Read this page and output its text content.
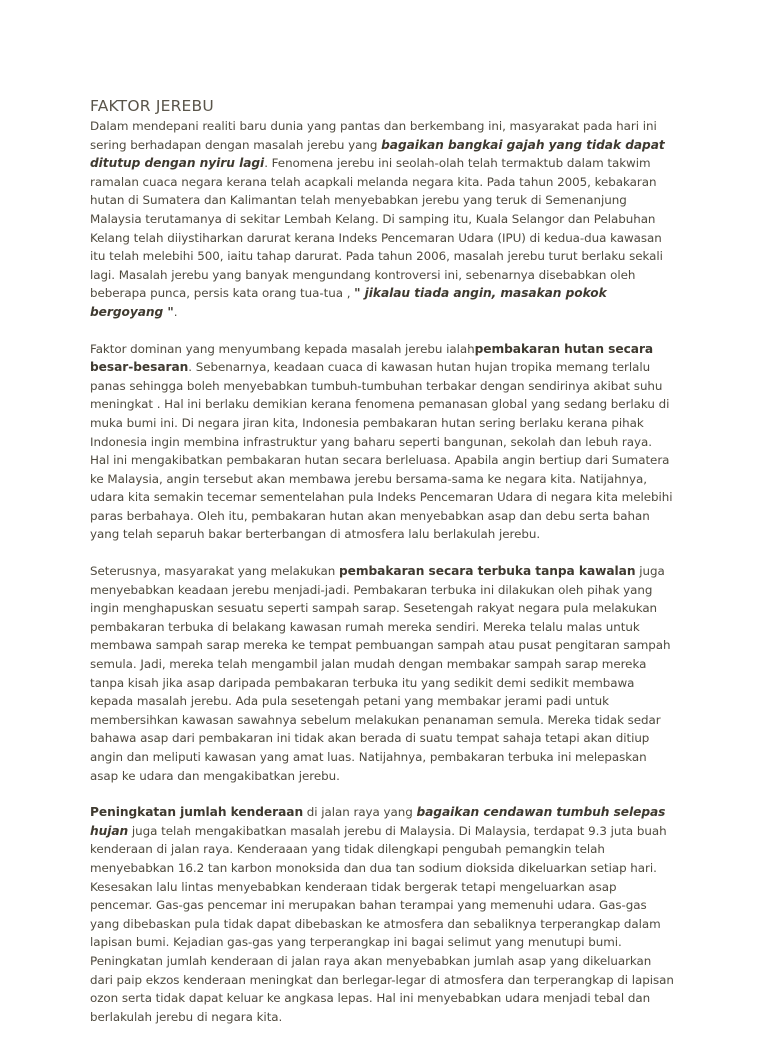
FAKTOR JEREBU

Dalam mendepani realiti baru dunia yang pantas dan berkembang ini, masyarakat pada hari ini sering berhadapan dengan masalah jerebu yang bagaikan bangkai gajah yang tidak dapat ditutup dengan nyiru lagi. Fenomena jerebu ini seolah-olah telah termaktub dalam takwim ramalan cuaca negara kerana telah acapkali melanda negara kita. Pada tahun 2005, kebakaran hutan di Sumatera dan Kalimantan telah menyebabkan jerebu yang teruk di Semenanjung Malaysia terutamanya di sekitar Lembah Kelang. Di samping itu, Kuala Selangor dan Pelabuhan Kelang telah diiystiharkan darurat kerana Indeks Pencemaran Udara (IPU) di kedua-dua kawasan itu telah melebihi 500, iaitu tahap darurat. Pada tahun 2006, masalah jerebu turut berlaku sekali lagi. Masalah jerebu yang banyak mengundang kontroversi ini, sebenarnya disebabkan oleh beberapa punca, persis kata orang tua-tua , " jikalau tiada angin, masakan pokok bergoyang ".

Faktor dominan yang menyumbang kepada masalah jerebu ialahpembakaran hutan secara besar-besaran. Sebenarnya, keadaan cuaca di kawasan hutan hujan tropika memang terlalu panas sehingga boleh menyebabkan tumbuh-tumbuhan terbakar dengan sendirinya akibat suhu meningkat . Hal ini berlaku demikian kerana fenomena pemanasan global yang sedang berlaku di muka bumi ini. Di negara jiran kita, Indonesia pembakaran hutan sering berlaku kerana pihak Indonesia ingin membina infrastruktur yang baharu seperti bangunan, sekolah dan lebuh raya. Hal ini mengakibatkan pembakaran hutan secara berleluasa. Apabila angin bertiup dari Sumatera ke Malaysia, angin tersebut akan membawa jerebu bersama-sama ke negara kita. Natijahnya, udara kita semakin tecemar sementelahan pula Indeks Pencemaran Udara di negara kita melebihi paras berbahaya. Oleh itu, pembakaran hutan akan menyebabkan asap dan debu serta bahan yang telah separuh bakar berterbangan di atmosfera lalu berlakulah jerebu.

Seterusnya, masyarakat yang melakukan pembakaran secara terbuka tanpa kawalan juga menyebabkan keadaan jerebu menjadi-jadi. Pembakaran terbuka ini dilakukan oleh pihak yang ingin menghapuskan sesuatu seperti sampah sarap. Sesetengah rakyat negara pula melakukan pembakaran terbuka di belakang kawasan rumah mereka sendiri. Mereka telalu malas untuk membawa sampah sarap mereka ke tempat pembuangan sampah atau pusat pengitaran sampah semula. Jadi, mereka telah mengambil jalan mudah dengan membakar sampah sarap mereka tanpa kisah jika asap daripada pembakaran terbuka itu yang sedikit demi sedikit membawa kepada masalah jerebu. Ada pula sesetengah petani yang membakar jerami padi untuk membersihkan kawasan sawahnya sebelum melakukan penanaman semula. Mereka tidak sedar bahawa asap dari pembakaran ini tidak akan berada di suatu tempat sahaja tetapi akan ditiup angin dan meliputi kawasan yang amat luas. Natijahnya, pembakaran terbuka ini melepaskan asap ke udara dan mengakibatkan jerebu.

Peningkatan jumlah kenderaan di jalan raya yang bagaikan cendawan tumbuh selepas hujan juga telah mengakibatkan masalah jerebu di Malaysia. Di Malaysia, terdapat 9.3 juta buah kenderaan di jalan raya. Kenderaaan yang tidak dilengkapi pengubah pemangkin telah menyebabkan 16.2 tan karbon monoksida dan dua tan sodium dioksida dikeluarkan setiap hari. Kesesakan lalu lintas menyebabkan kenderaan tidak bergerak tetapi mengeluarkan asap pencemar. Gas-gas pencemar ini merupakan bahan terampai yang memenuhi udara. Gas-gas yang dibebaskan pula tidak dapat dibebaskan ke atmosfera dan sebaliknya terperangkap dalam lapisan bumi. Kejadian gas-gas yang terperangkap ini bagai selimut yang menutupi bumi. Peningkatan jumlah kenderaan di jalan raya akan menyebabkan jumlah asap yang dikeluarkan dari paip ekzos kenderaan meningkat dan berlegar-legar di atmosfera dan terperangkap di lapisan ozon serta tidak dapat keluar ke angkasa lepas. Hal ini menyebabkan udara menjadi tebal dan berlakulah jerebu di negara kita.
